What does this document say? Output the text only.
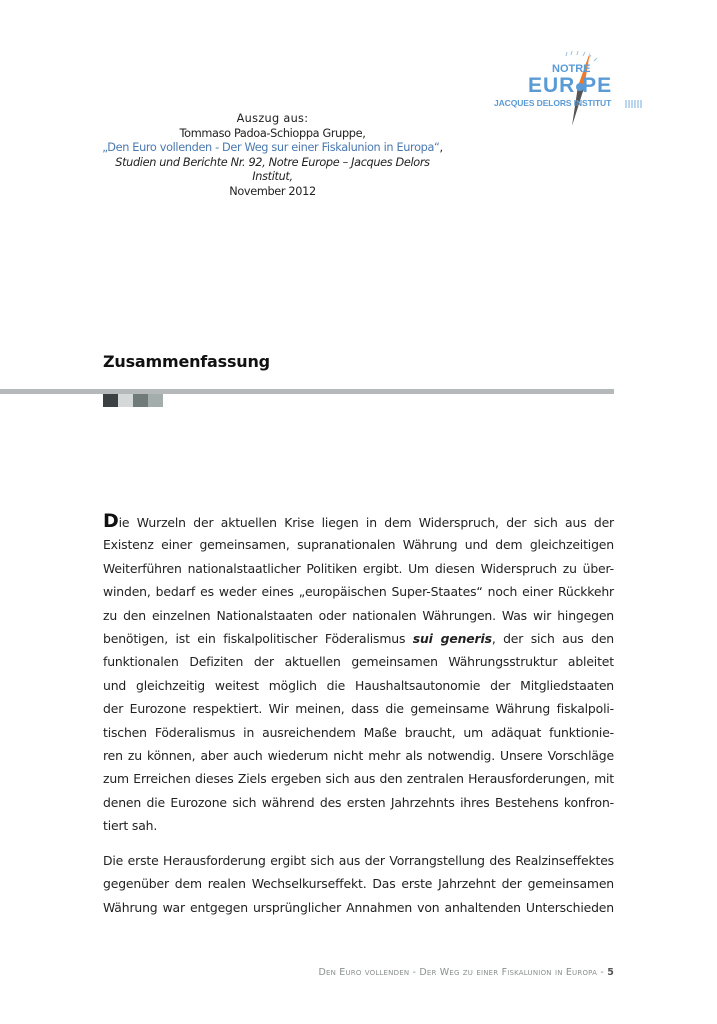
NOTRE
EUR PE
JACQUES DELORS INSTITUT
Auszug aus:
Tommaso Padoa-Schioppa Gruppe,
„Den Euro vollenden - Der Weg sur einer Fiskalunion in Europa“,
Studien und Berichte Nr. 92, Notre Europe – Jacques Delors Institut,
November 2012
Zusammenfassung
Die Wurzeln der aktuellen Krise liegen in dem Widerspruch, der sich aus der
Existenz einer gemeinsamen, supranationalen Währung und dem gleichzeitigen
Weiterführen nationalstaatlicher Politiken ergibt. Um diesen Widerspruch zu über-
winden, bedarf es weder eines „europäischen Super-Staates“ noch einer Rückkehr
zu den einzelnen Nationalstaaten oder nationalen Währungen. Was wir hingegen
benötigen, ist ein fiskalpolitischer Föderalismus sui generis, der sich aus den
funktionalen Defiziten der aktuellen gemeinsamen Währungsstruktur ableitet
und gleichzeitig weitest möglich die Haushaltsautonomie der Mitgliedstaaten
der Eurozone respektiert. Wir meinen, dass die gemeinsame Währung fiskalpoli-
tischen Föderalismus in ausreichendem Maße braucht, um adäquat funktionie-
ren zu können, aber auch wiederum nicht mehr als notwendig. Unsere Vorschläge
zum Erreichen dieses Ziels ergeben sich aus den zentralen Herausforderungen, mit
denen die Eurozone sich während des ersten Jahrzehnts ihres Bestehens konfron-
tiert sah.
Die erste Herausforderung ergibt sich aus der Vorrangstellung des Realzinseffektes
gegenüber dem realen Wechselkurseffekt. Das erste Jahrzehnt der gemeinsamen
Währung war entgegen ursprünglicher Annahmen von anhaltenden Unterschieden
Den Euro vollenden - Der Weg zu einer Fiskalunion in Europa - 5
